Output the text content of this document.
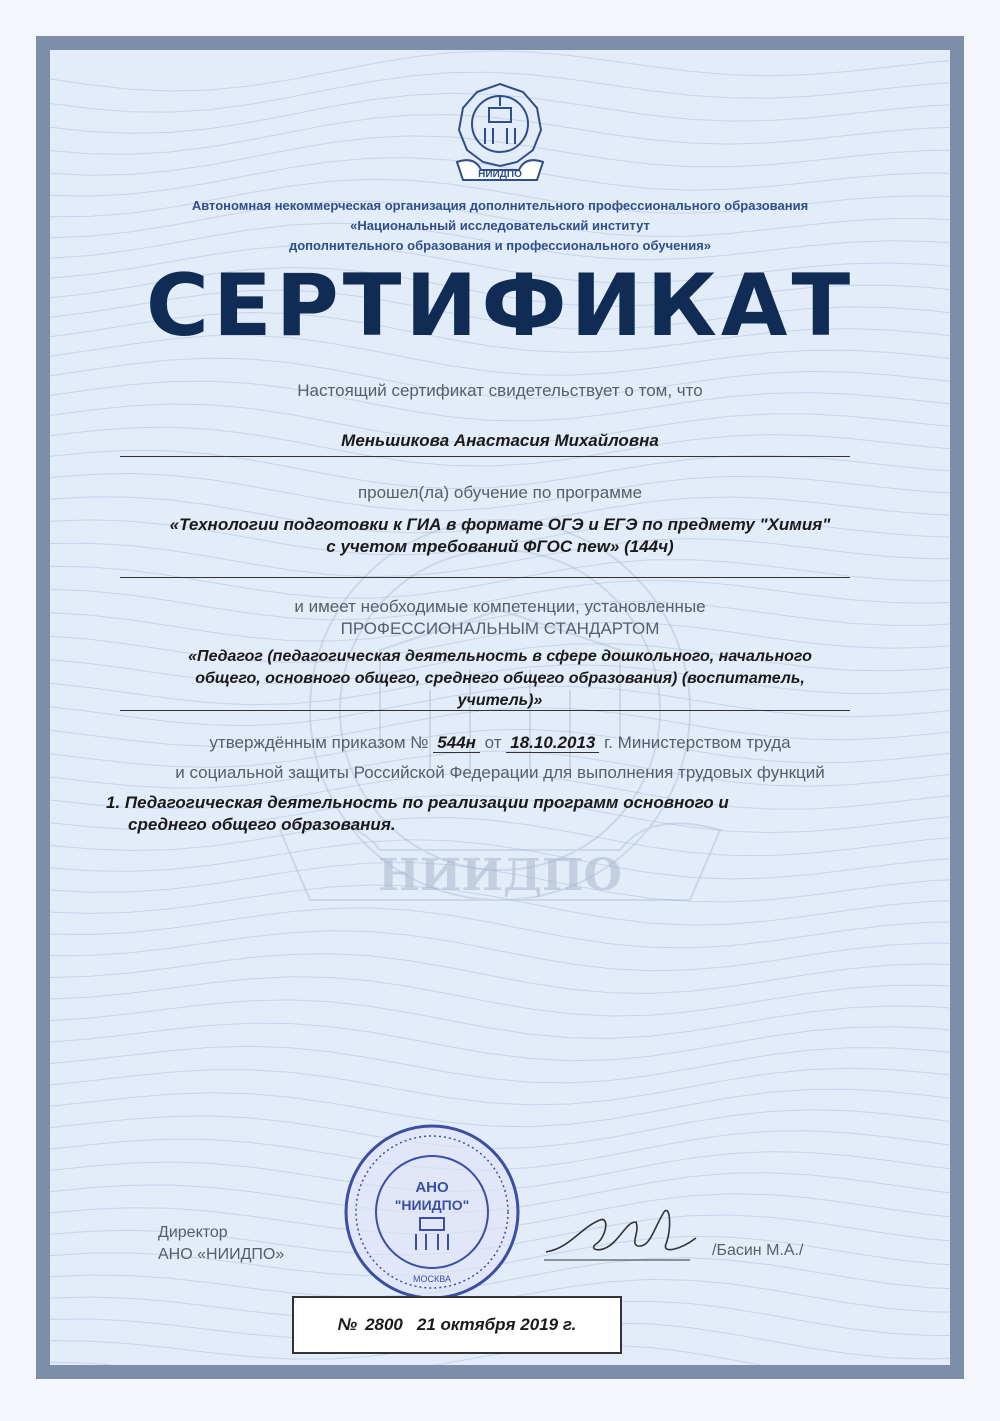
НИИДПО
НИИДПО
Автономная некоммерческая организация дополнительного профессионального образования
«Национальный исследовательский институт
дополнительного образования и профессионального обучения»
СЕРТИФИКАТ
Настоящий сертификат свидетельствует о том, что
Меньшикова Анастасия Михайловна
прошел(ла) обучение по программе
«Технологии подготовки к ГИА в формате ОГЭ и ЕГЭ по предмету "Химия"
с учетом требований ФГОС new» (144ч)
и имеет необходимые компетенции, установленные
ПРОФЕССИОНАЛЬНЫМ СТАНДАРТОМ
«Педагог (педагогическая деятельность в сфере дошкольного, начального
общего, основного общего, среднего общего образования) (воспитатель,
учитель)»
утверждённым приказом № 544н от 18.10.2013 г. Министерством труда
и социальной защиты Российской Федерации для выполнения трудовых функций
1. Педагогическая деятельность по реализации программ основного и
среднего общего образования.
Директор
АНО «НИИДПО»
АНО
"НИИДПО"
МОСКВА
/Басин М.А./
№ 2800 21 октября 2019 г.
